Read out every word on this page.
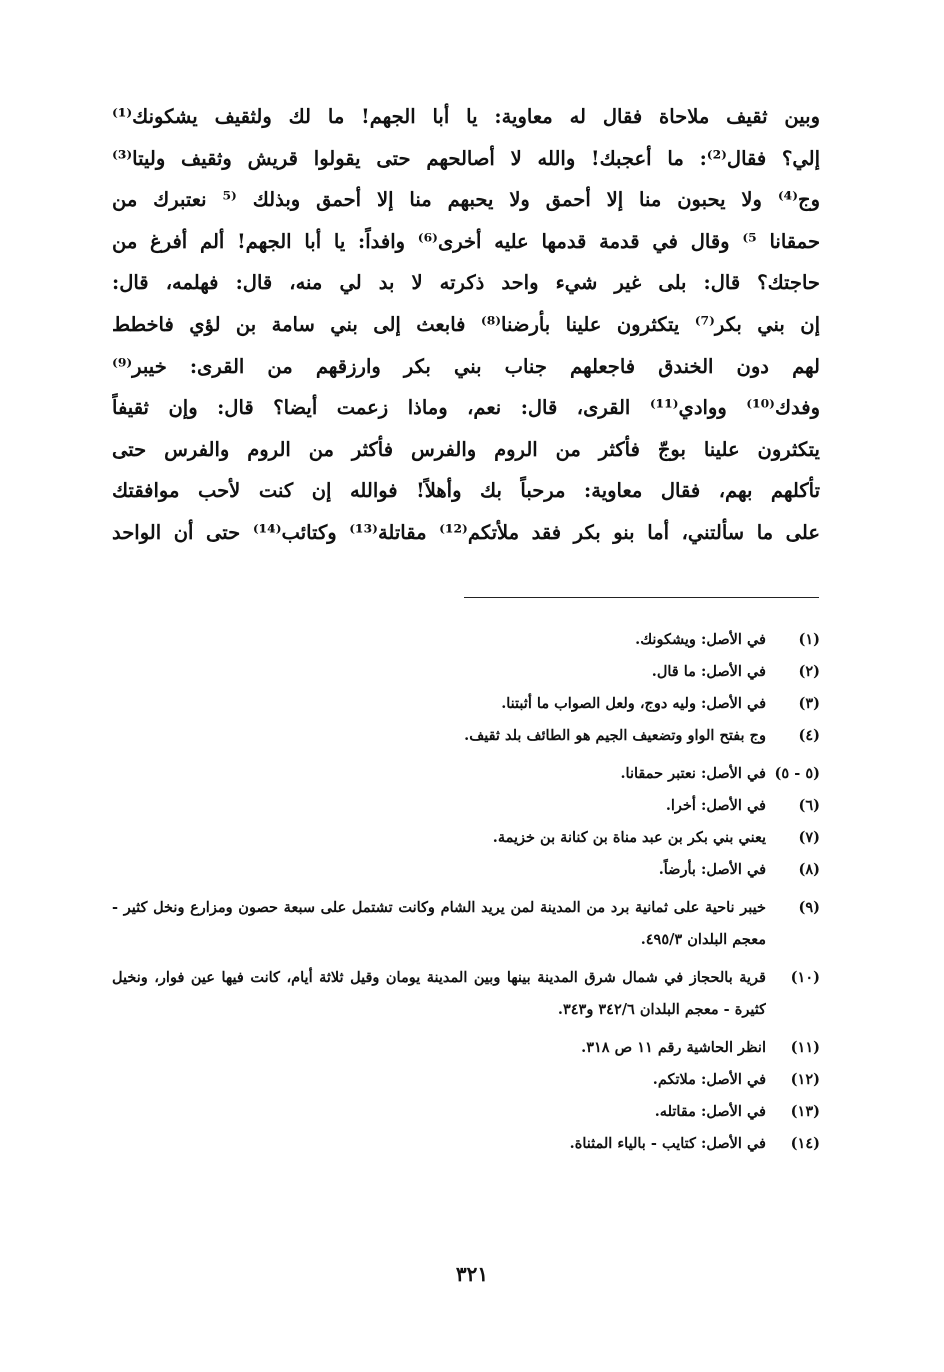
وبين ثقيف ملاحاة فقال له معاوية: يا أبا الجهم! ما لك ولثقيف يشكونك⁽¹⁾
إلي؟ فقال⁽²⁾: ما أعجبك! والله لا أصالحهم حتى يقولوا قريش وثقيف وليتا⁽³⁾
وج⁽⁴⁾ ولا يحبون منا إلا أحمق ولا يحبهم منا إلا أحمق وبذلك ⁽⁵ نعتبرك من
حمقانا ⁵⁾ وقال في قدمة قدمها عليه أخرى⁽⁶⁾ وافداً: يا أبا الجهم! ألم أفرغ من
حاجتك؟ قال: بلى غير شيء واحد ذكرته لا بد لي منه، قال: فهلمه، قال:
إن بني بكر⁽⁷⁾ يتكثرون علينا بأرضنا⁽⁸⁾ فابعث إلى بني سامة بن لؤي فاخطط
لهم دون الخندق فاجعلهم جناب بني بكر وارزقهم من القرى: خيبر⁽⁹⁾
وفدك⁽¹⁰⁾ ووادي⁽¹¹⁾ القرى، قال: نعم، وماذا زعمت أيضا؟ قال: وإن ثقيفاً
يتكثرون علينا بوجّ فأكثر من الروم والفرس فأكثر من الروم والفرس حتى
تأكلهم بهم، فقال معاوية: مرحباً بك وأهلاً! فوالله إن كنت لأحب موافقتك
على ما سألتني، أما بنو بكر فقد ملأتكم⁽¹²⁾ مقاتلة⁽¹³⁾ وكتائب⁽¹⁴⁾ حتى أن الواحد
(١)
في الأصل: ويشكونك.
(٢)
في الأصل: ما قال.
(٣)
في الأصل: وليه دوج، ولعل الصواب ما أثبتنا.
(٤)
وج بفتح الواو وتضعيف الجيم هو الطائف بلد ثقيف.
(٥ - ٥)
في الأصل: نعتبر حمقانا.
(٦)
في الأصل: أخرا.
(٧)
يعني بني بكر بن عبد مناة بن كنانة بن خزيمة.
(٨)
في الأصل: بأرضاً.
(٩)
خيبر ناحية على ثمانية برد من المدينة لمن يريد الشام وكانت تشتمل على سبعة حصون ومزارع ونخل كثير - معجم البلدان ٤٩٥/٣.
(١٠)
قرية بالحجاز في شمال شرق المدينة بينها وبين المدينة يومان وقيل ثلاثة أيام، كانت فيها عين فوار، ونخيل كثيرة - معجم البلدان ٣٤٢/٦ و٣٤٣.
(١١)
انظر الحاشية رقم ١١ ص ٣١٨.
(١٢)
في الأصل: ملاتكم.
(١٣)
في الأصل: مقاتله.
(١٤)
في الأصل: كتايب - بالياء المثناة.
٣٢١
